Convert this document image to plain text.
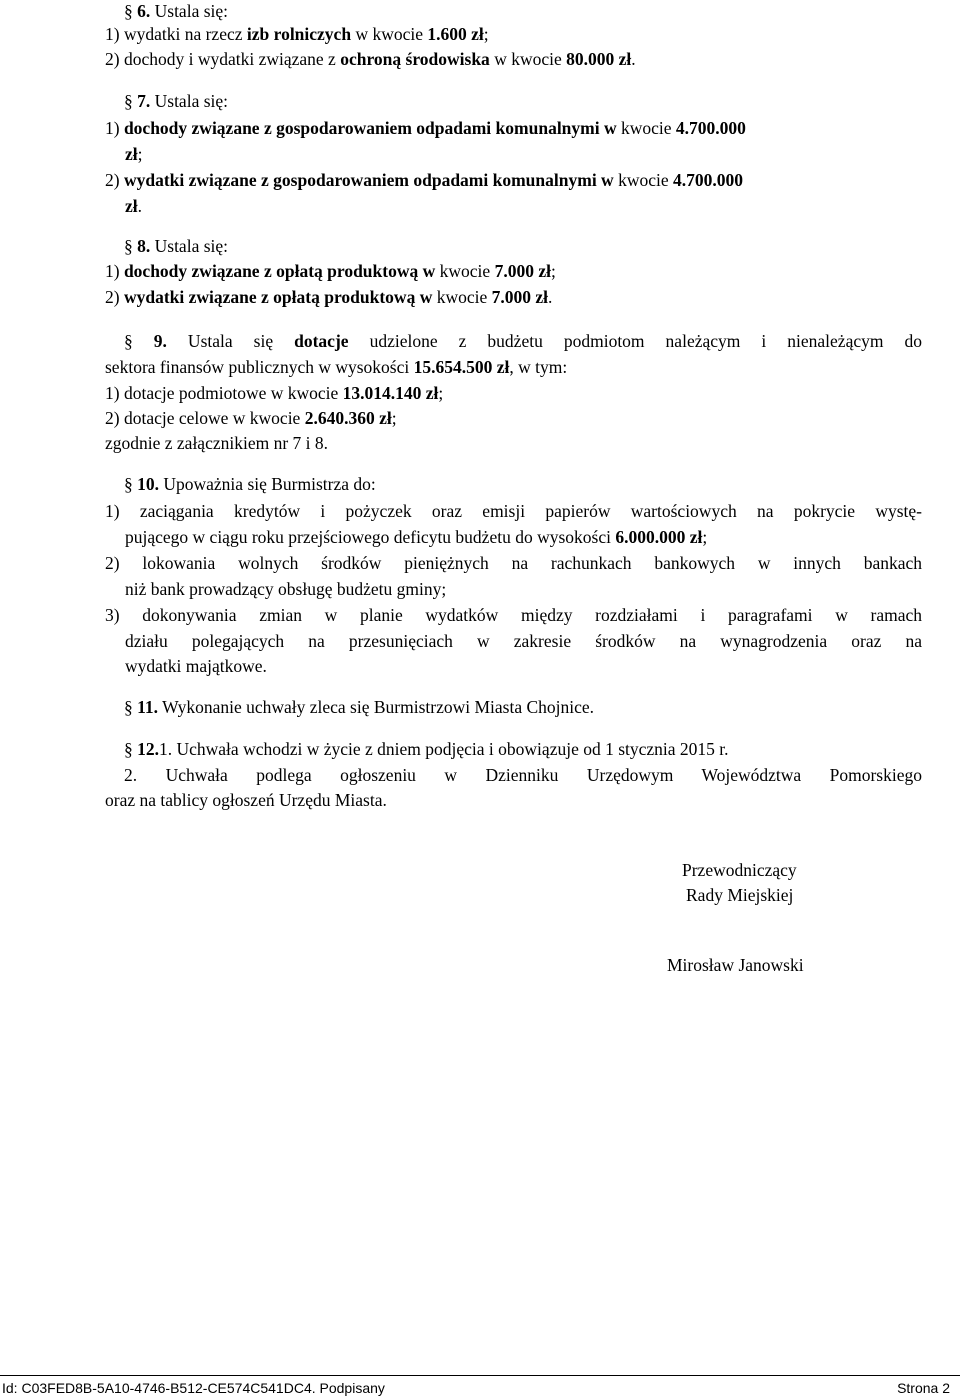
§ 6. Ustala się:
1) wydatki na rzecz izb rolniczych w kwocie 1.600 zł;
2) dochody i wydatki związane z ochroną środowiska w kwocie 80.000 zł.
§ 7. Ustala się:
1) dochody związane z gospodarowaniem odpadami komunalnymi w kwocie 4.700.000
zł;
2) wydatki związane z gospodarowaniem odpadami komunalnymi w kwocie 4.700.000
zł.
§ 8. Ustala się:
1) dochody związane z opłatą produktową w kwocie 7.000 zł;
2) wydatki związane z opłatą produktową w kwocie 7.000 zł.
§ 9. Ustala się dotacje udzielone z budżetu podmiotom należącym i nienależącym do
sektora finansów publicznych w wysokości 15.654.500 zł, w tym:
1) dotacje podmiotowe w kwocie 13.014.140 zł;
2) dotacje celowe w kwocie 2.640.360 zł;
zgodnie z załącznikiem nr 7 i 8.
§ 10. Upoważnia się Burmistrza do:
1) zaciągania kredytów i pożyczek oraz emisji papierów wartościowych na pokrycie wystę-
pującego w ciągu roku przejściowego deficytu budżetu do wysokości 6.000.000 zł;
2) lokowania wolnych środków pieniężnych na rachunkach bankowych w innych bankach
niż bank prowadzący obsługę budżetu gminy;
3) dokonywania zmian w planie wydatków między rozdziałami i paragrafami w ramach
działu polegających na przesunięciach w zakresie środków na wynagrodzenia oraz na
wydatki majątkowe.
§ 11. Wykonanie uchwały zleca się Burmistrzowi Miasta Chojnice.
§ 12.1. Uchwała wchodzi w życie z dniem podjęcia i obowiązuje od 1 stycznia 2015 r.
2. Uchwała podlega ogłoszeniu w Dzienniku Urzędowym Województwa Pomorskiego
oraz na tablicy ogłoszeń Urzędu Miasta.
Przewodniczący
Rady Miejskiej
Mirosław Janowski
Id: C03FED8B-5A10-4746-B512-CE574C541DC4. Podpisany	Strona 2
